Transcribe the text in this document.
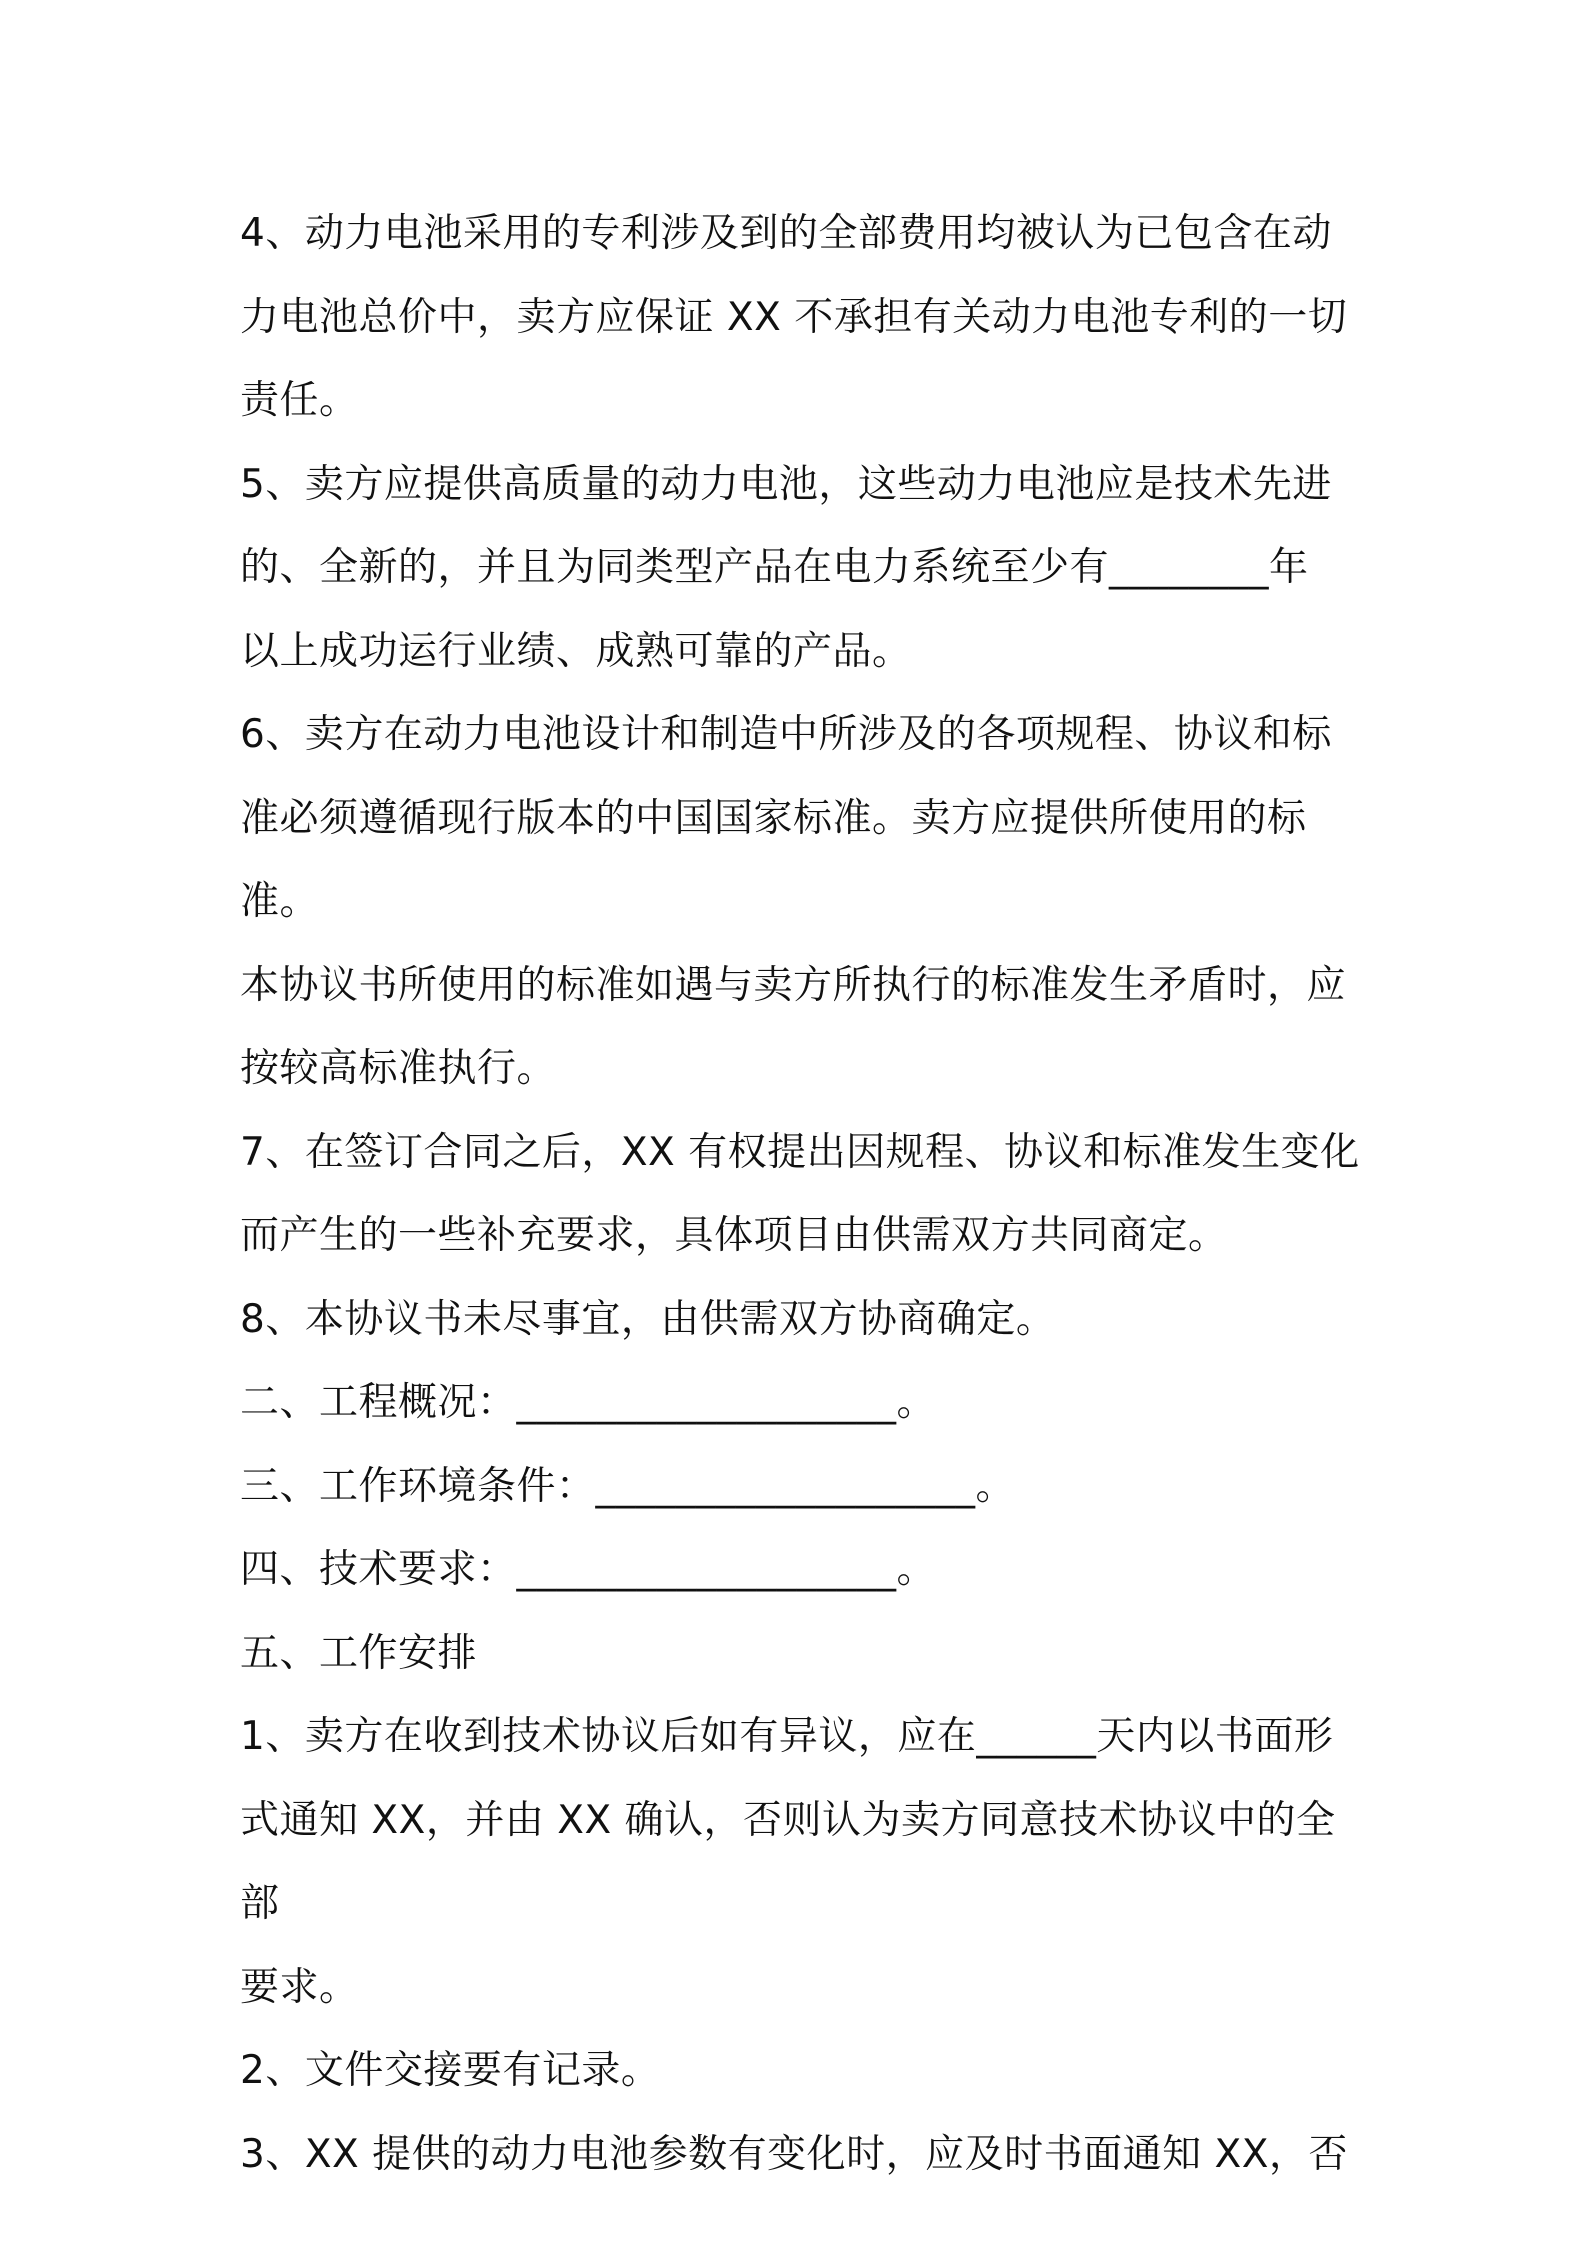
4、动力电池采用的专利涉及到的全部费用均被认为已包含在动
力电池总价中，卖方应保证 XX 不承担有关动力电池专利的一切
责任。

5、卖方应提供高质量的动力电池，这些动力电池应是技术先进
的、全新的，并且为同类型产品在电力系统至少有________年
以上成功运行业绩、成熟可靠的产品。

6、卖方在动力电池设计和制造中所涉及的各项规程、协议和标
准必须遵循现行版本的中国国家标准。卖方应提供所使用的标准。
本协议书所使用的标准如遇与卖方所执行的标准发生矛盾时，应
按较高标准执行。

7、在签订合同之后，XX 有权提出因规程、协议和标准发生变化
而产生的一些补充要求，具体项目由供需双方共同商定。

8、本协议书未尽事宜，由供需双方协商确定。

二、工程概况：___________________。

三、工作环境条件：___________________。

四、技术要求：___________________。

五、工作安排

1、卖方在收到技术协议后如有异议，应在______天内以书面形
式通知 XX，并由 XX 确认，否则认为卖方同意技术协议中的全部
要求。

2、文件交接要有记录。

3、XX 提供的动力电池参数有变化时，应及时书面通知 XX，否
